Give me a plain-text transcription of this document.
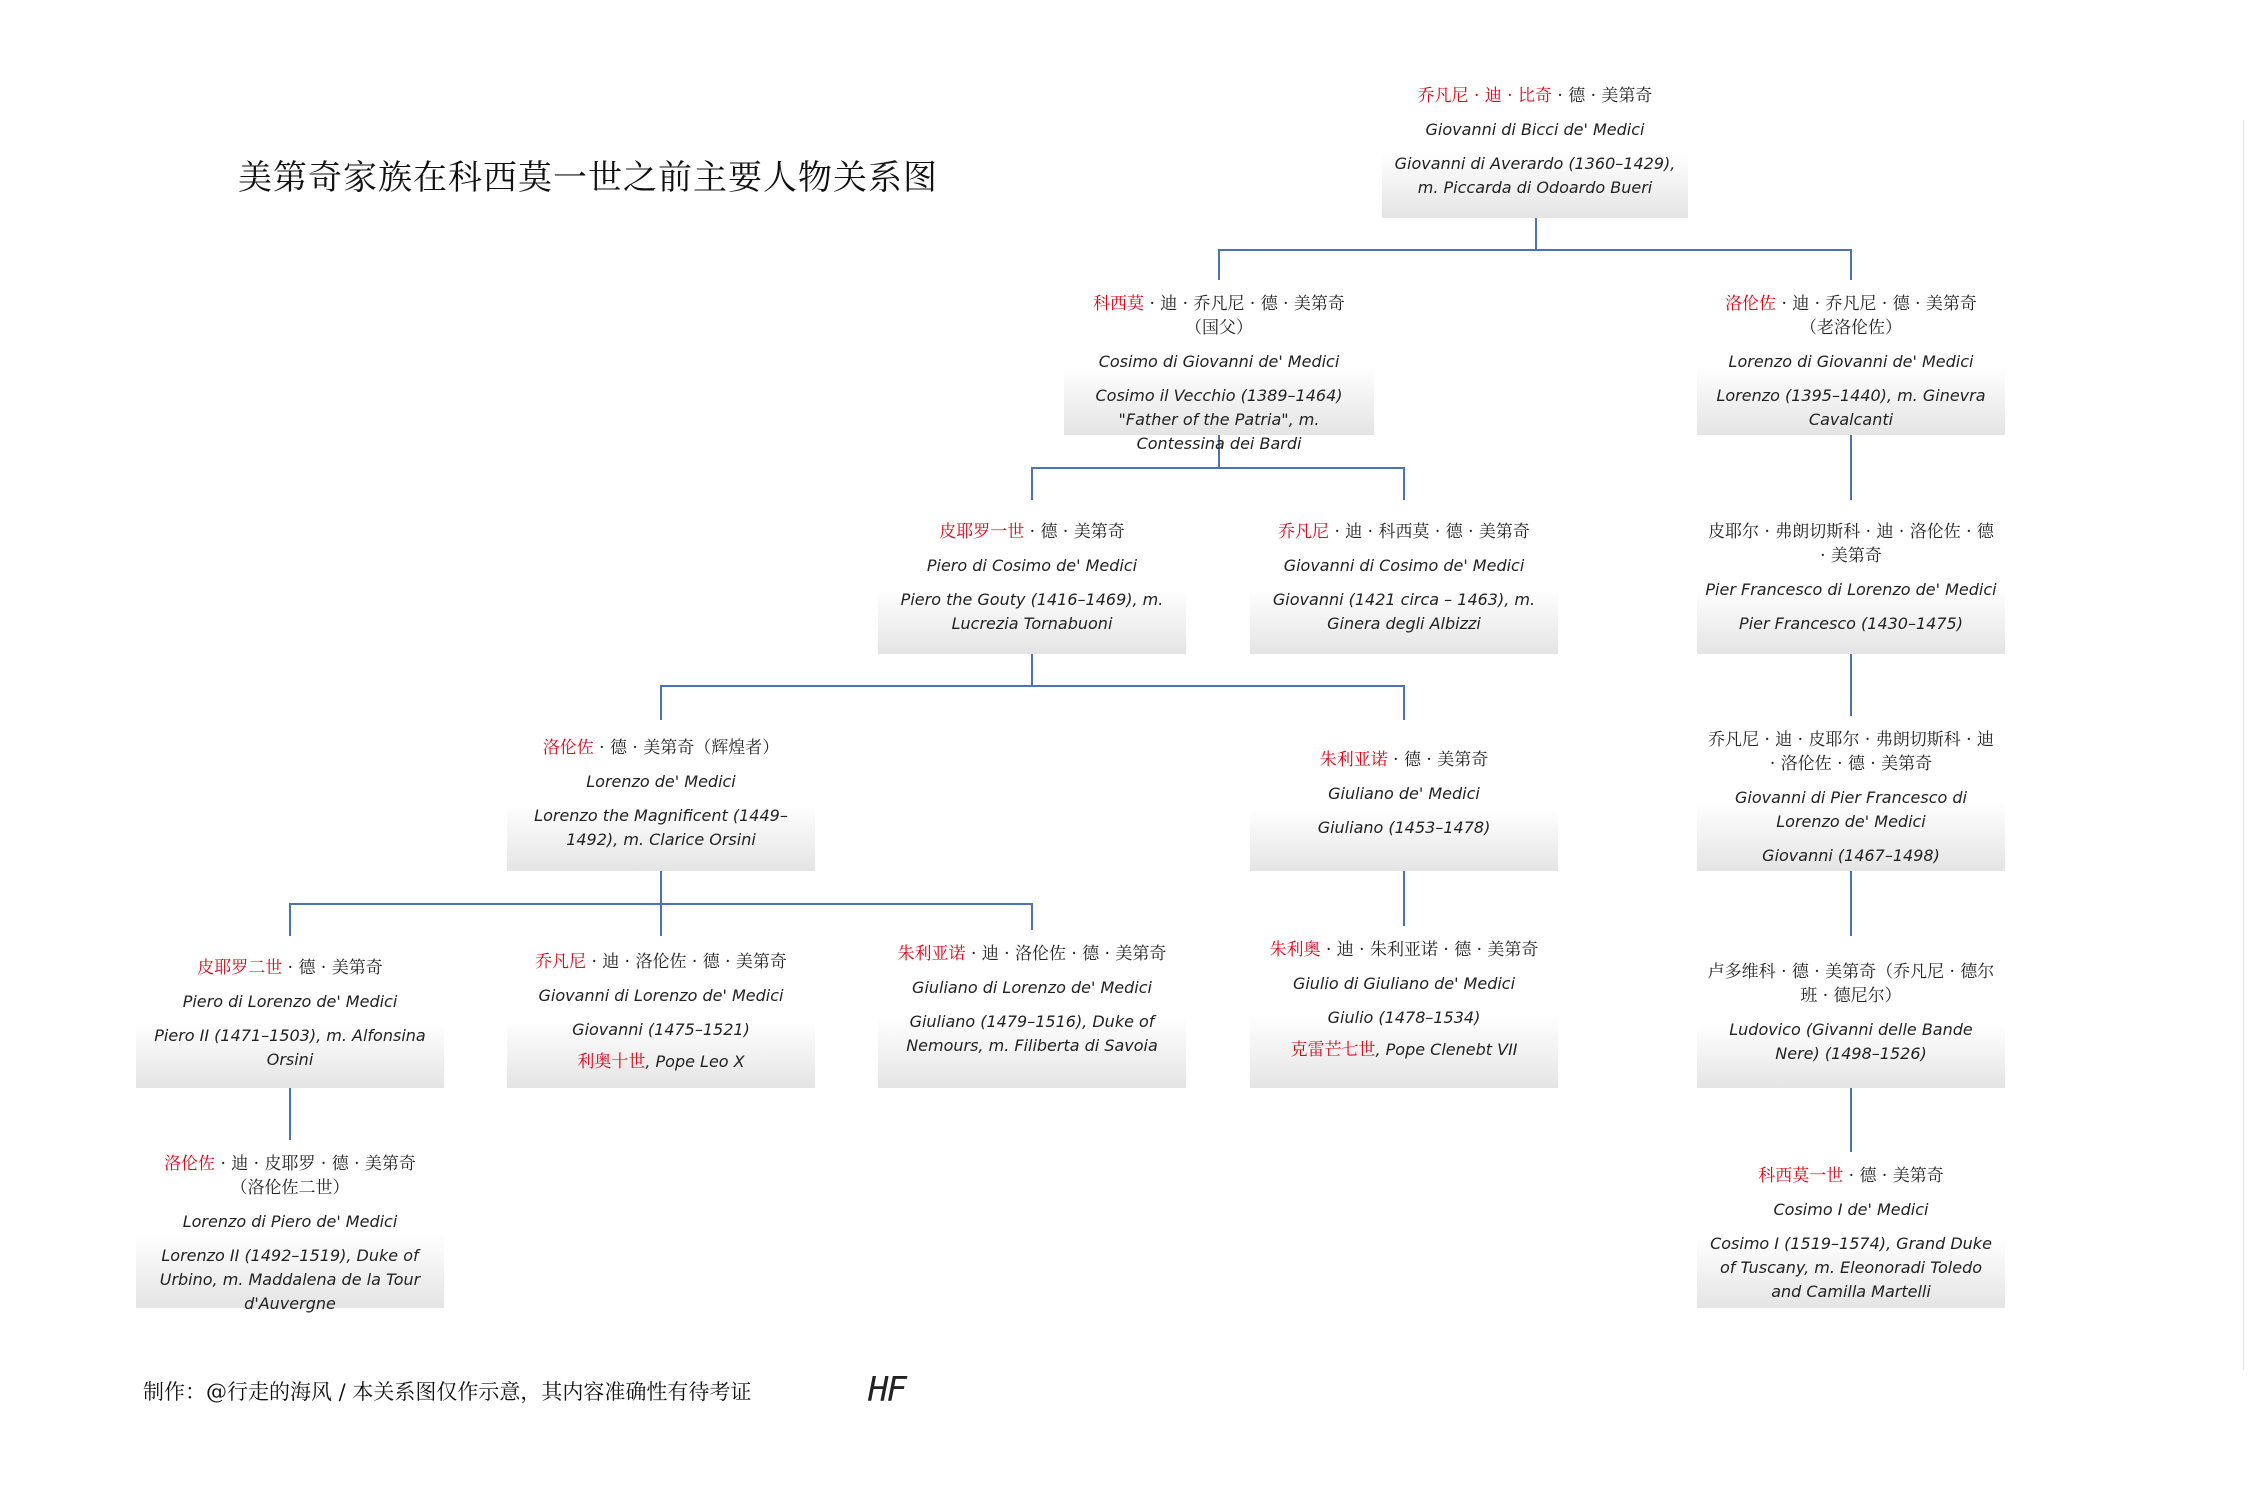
美第奇家族在科西莫一世之前主要人物关系图
乔凡尼 · 迪 · 比奇 · 德 · 美第奇
Giovanni di Bicci de' Medici
Giovanni di Averardo (1360–1429), m. Piccarda di Odoardo Bueri
科西莫 · 迪 · 乔凡尼 · 德 · 美第奇
（国父）
Cosimo di Giovanni de' Medici
Cosimo il Vecchio (1389–1464) "Father of the Patria", m. Contessina dei Bardi
洛伦佐 · 迪 · 乔凡尼 · 德 · 美第奇
（老洛伦佐）
Lorenzo di Giovanni de' Medici
Lorenzo (1395–1440), m. Ginevra Cavalcanti
皮耶罗一世 · 德 · 美第奇
Piero di Cosimo de' Medici
Piero the Gouty (1416–1469), m. Lucrezia Tornabuoni
乔凡尼 · 迪 · 科西莫 · 德 · 美第奇
Giovanni di Cosimo de' Medici
Giovanni (1421 circa – 1463), m. Ginera degli Albizzi
皮耶尔 · 弗朗切斯科 · 迪 · 洛伦佐 · 德 · 美第奇
Pier Francesco di Lorenzo de' Medici
Pier Francesco (1430–1475)
洛伦佐 · 德 · 美第奇（辉煌者）
Lorenzo de' Medici
Lorenzo the Magnificent (1449–1492), m. Clarice Orsini
朱利亚诺 · 德 · 美第奇
Giuliano de' Medici
Giuliano (1453–1478)
乔凡尼 · 迪 · 皮耶尔 · 弗朗切斯科 · 迪 · 洛伦佐 · 德 · 美第奇
Giovanni di Pier Francesco di Lorenzo de' Medici
Giovanni (1467–1498)
皮耶罗二世 · 德 · 美第奇
Piero di Lorenzo de' Medici
Piero II (1471–1503), m. Alfonsina Orsini
乔凡尼 · 迪 · 洛伦佐 · 德 · 美第奇
Giovanni di Lorenzo de' Medici
Giovanni (1475–1521)
利奥十世, Pope Leo X
朱利亚诺 · 迪 · 洛伦佐 · 德 · 美第奇
Giuliano di Lorenzo de' Medici
Giuliano (1479–1516), Duke of Nemours, m. Filiberta di Savoia
朱利奥 · 迪 · 朱利亚诺 · 德 · 美第奇
Giulio di Giuliano de' Medici
Giulio (1478–1534)
克雷芒七世, Pope Clenebt VII
卢多维科 · 德 · 美第奇（乔凡尼 · 德尔班 · 德尼尔）
Ludovico (Givanni delle Bande Nere) (1498–1526)
洛伦佐 · 迪 · 皮耶罗 · 德 · 美第奇
（洛伦佐二世）
Lorenzo di Piero de' Medici
Lorenzo II (1492–1519), Duke of Urbino, m. Maddalena de la Tour d'Auvergne
科西莫一世 · 德 · 美第奇
Cosimo I de' Medici
Cosimo I (1519–1574), Grand Duke of Tuscany, m. Eleonoradi Toledo and Camilla Martelli
制作：@行走的海风 / 本关系图仅作示意，其内容准确性有待考证	HF
